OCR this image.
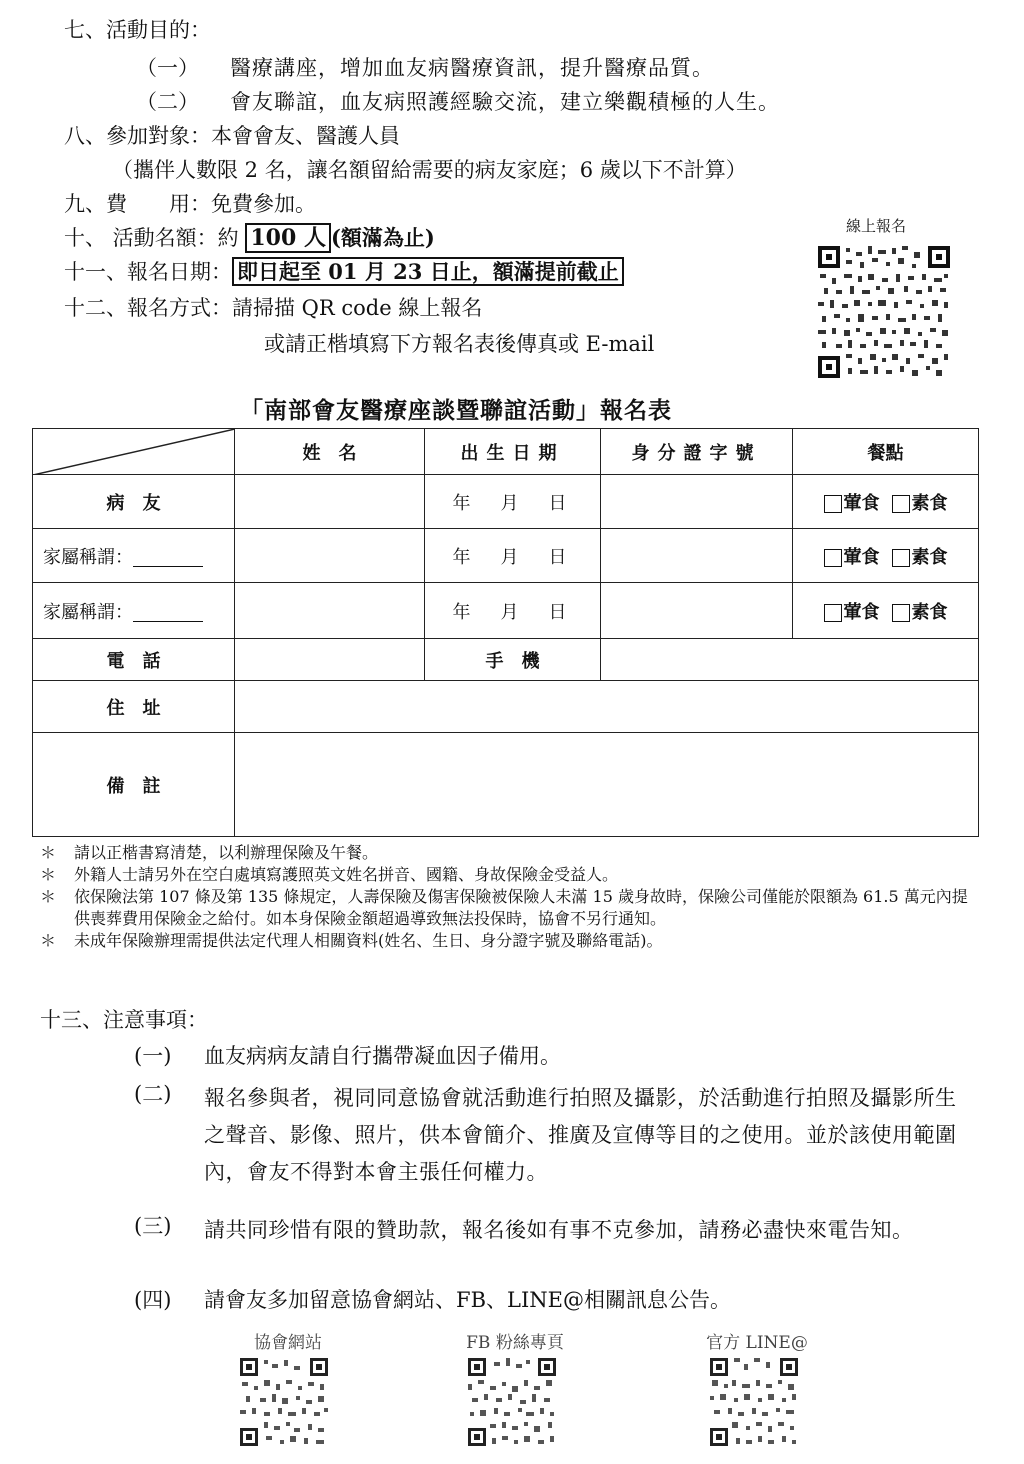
七、活動目的：
（一） 醫療講座，增加血友病醫療資訊，提升醫療品質。
（二） 會友聯誼，血友病照護經驗交流，建立樂觀積極的人生。
八、參加對象：本會會友、醫護人員
（攜伴人數限 2 名，讓名額留給需要的病友家庭；6 歲以下不計算）
九、費　　用：免費參加。
十、 活動名額：約 100 人 (額滿為止)
十一、報名日期： 即日起至 01 月 23 日止，額滿提前截止
十二、報名方式：請掃描 QR code 線上報名
或請正楷填寫下方報名表後傳真或 E-mail
線上報名
「南部會友醫療座談暨聯誼活動」報名表
	姓　名	出生日期	身分證字號	餐點
病　友		年　月　日		葷食 素食
家屬稱謂：		年　月　日		葷食 素食
家屬稱謂：		年　月　日		葷食 素食
電　話		手　機		
住　址				
備　註				
＊	請以正楷書寫清楚，以利辦理保險及午餐。
＊	外籍人士請另外在空白處填寫護照英文姓名拼音、國籍、身故保險金受益人。
＊	依保險法第 107 條及第 135 條規定，人壽保險及傷害保險被保險人未滿 15 歲身故時，保險公司僅能於限額為 61.5 萬元內提供喪葬費用保險金之給付。如本身保險金額超過導致無法投保時，協會不另行通知。
＊	未成年保險辦理需提供法定代理人相關資料(姓名、生日、身分證字號及聯絡電話)。
十三、注意事項：
(一) 血友病病友請自行攜帶凝血因子備用。
(二) 報名參與者，視同同意協會就活動進行拍照及攝影，於活動進行拍照及攝影所生之聲音、影像、照片，供本會簡介、推廣及宣傳等目的之使用。並於該使用範圍內，會友不得對本會主張任何權力。
(三) 請共同珍惜有限的贊助款，報名後如有事不克參加，請務必盡快來電告知。
(四) 請會友多加留意協會網站、FB、LINE@相關訊息公告。
協會網站	FB 粉絲專頁	官方 LINE@
